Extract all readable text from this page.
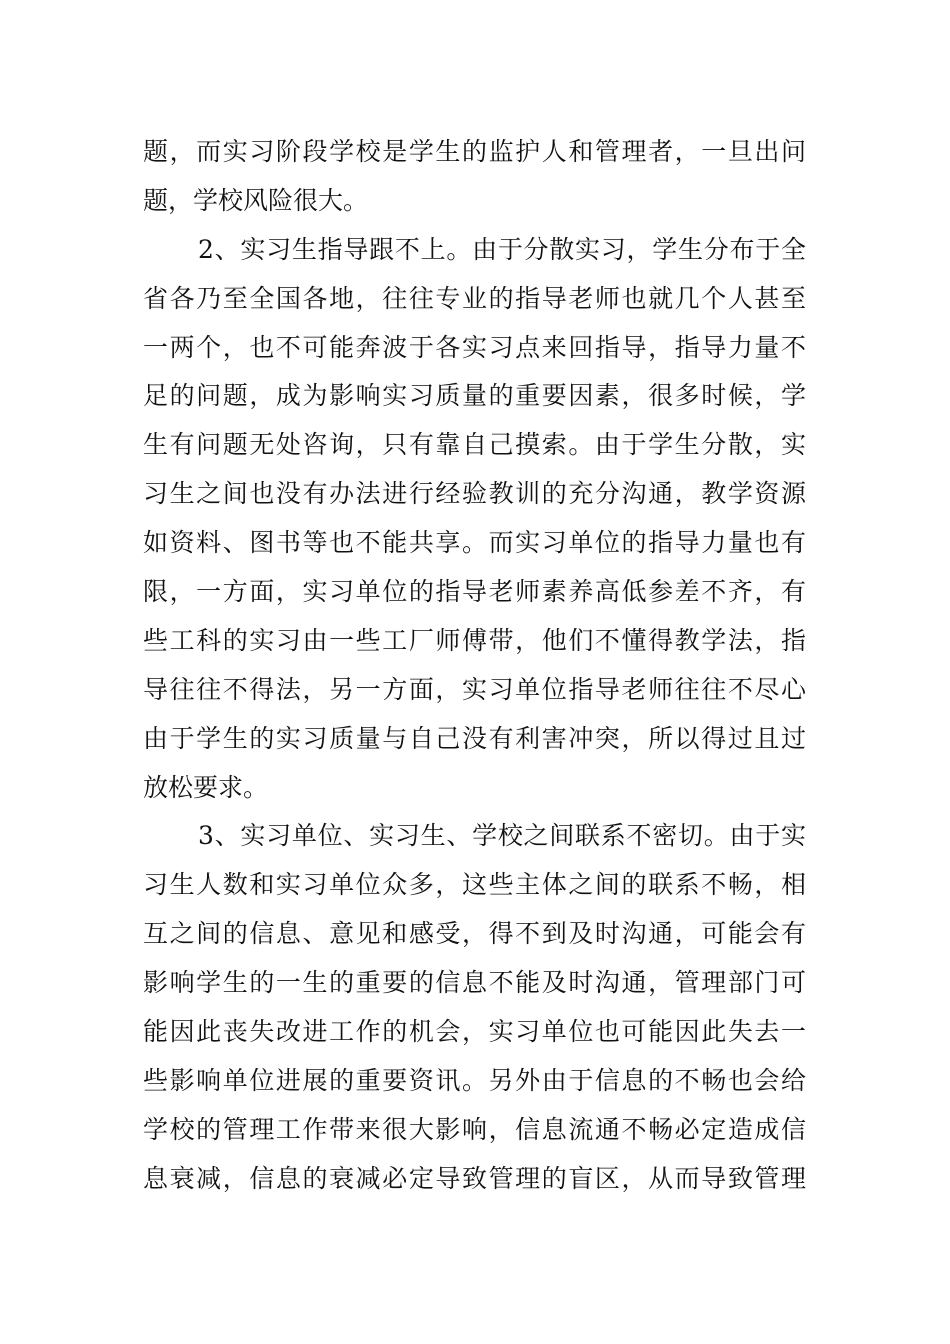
题，而实习阶段学校是学生的监护人和管理者，一旦出问
题，学校风险很大。
2、实习生指导跟不上。由于分散实习，学生分布于全
省各乃至全国各地，往往专业的指导老师也就几个人甚至
一两个，也不可能奔波于各实习点来回指导，指导力量不
足的问题，成为影响实习质量的重要因素，很多时候，学
生有问题无处咨询，只有靠自己摸索。由于学生分散，实
习生之间也没有办法进行经验教训的充分沟通，教学资源
如资料、图书等也不能共享。而实习单位的指导力量也有
限，一方面，实习单位的指导老师素养高低参差不齐，有
些工科的实习由一些工厂师傅带，他们不懂得教学法，指
导往往不得法，另一方面，实习单位指导老师往往不尽心
由于学生的实习质量与自己没有利害冲突，所以得过且过
放松要求。
3、实习单位、实习生、学校之间联系不密切。由于实
习生人数和实习单位众多，这些主体之间的联系不畅，相
互之间的信息、意见和感受，得不到及时沟通，可能会有
影响学生的一生的重要的信息不能及时沟通，管理部门可
能因此丧失改进工作的机会，实习单位也可能因此失去一
些影响单位进展的重要资讯。另外由于信息的不畅也会给
学校的管理工作带来很大影响，信息流通不畅必定造成信
息衰减，信息的衰减必定导致管理的盲区，从而导致管理
